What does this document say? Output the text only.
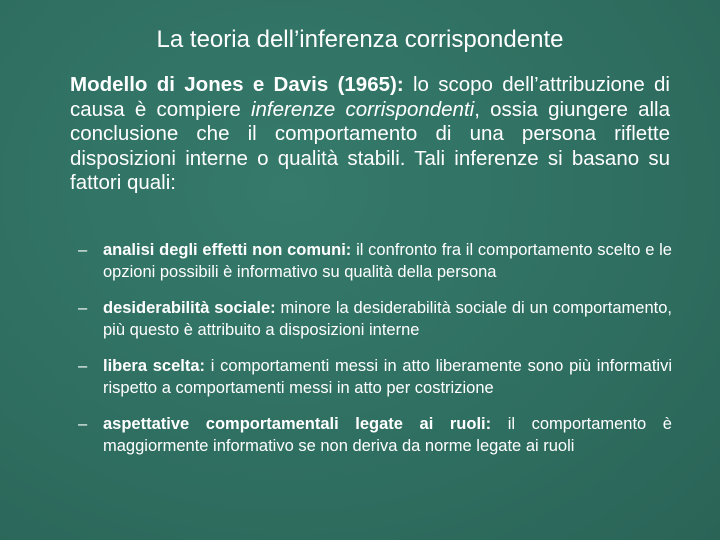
La teoria dell’inferenza corrispondente
Modello di Jones e Davis (1965): lo scopo dell’attribuzione di causa è compiere inferenze corrispondenti, ossia giungere alla conclusione che il comportamento di una persona riflette disposizioni interne o qualità stabili. Tali inferenze si basano su fattori quali:
– analisi degli effetti non comuni: il confronto fra il comportamento scelto e le opzioni possibili è informativo su qualità della persona
– desiderabilità sociale: minore la desiderabilità sociale di un comportamento, più questo è attribuito a disposizioni interne
– libera scelta: i comportamenti messi in atto liberamente sono più informativi rispetto a comportamenti messi in atto per costrizione
– aspettative comportamentali legate ai ruoli: il comportamento è maggiormente informativo se non deriva da norme legate ai ruoli
